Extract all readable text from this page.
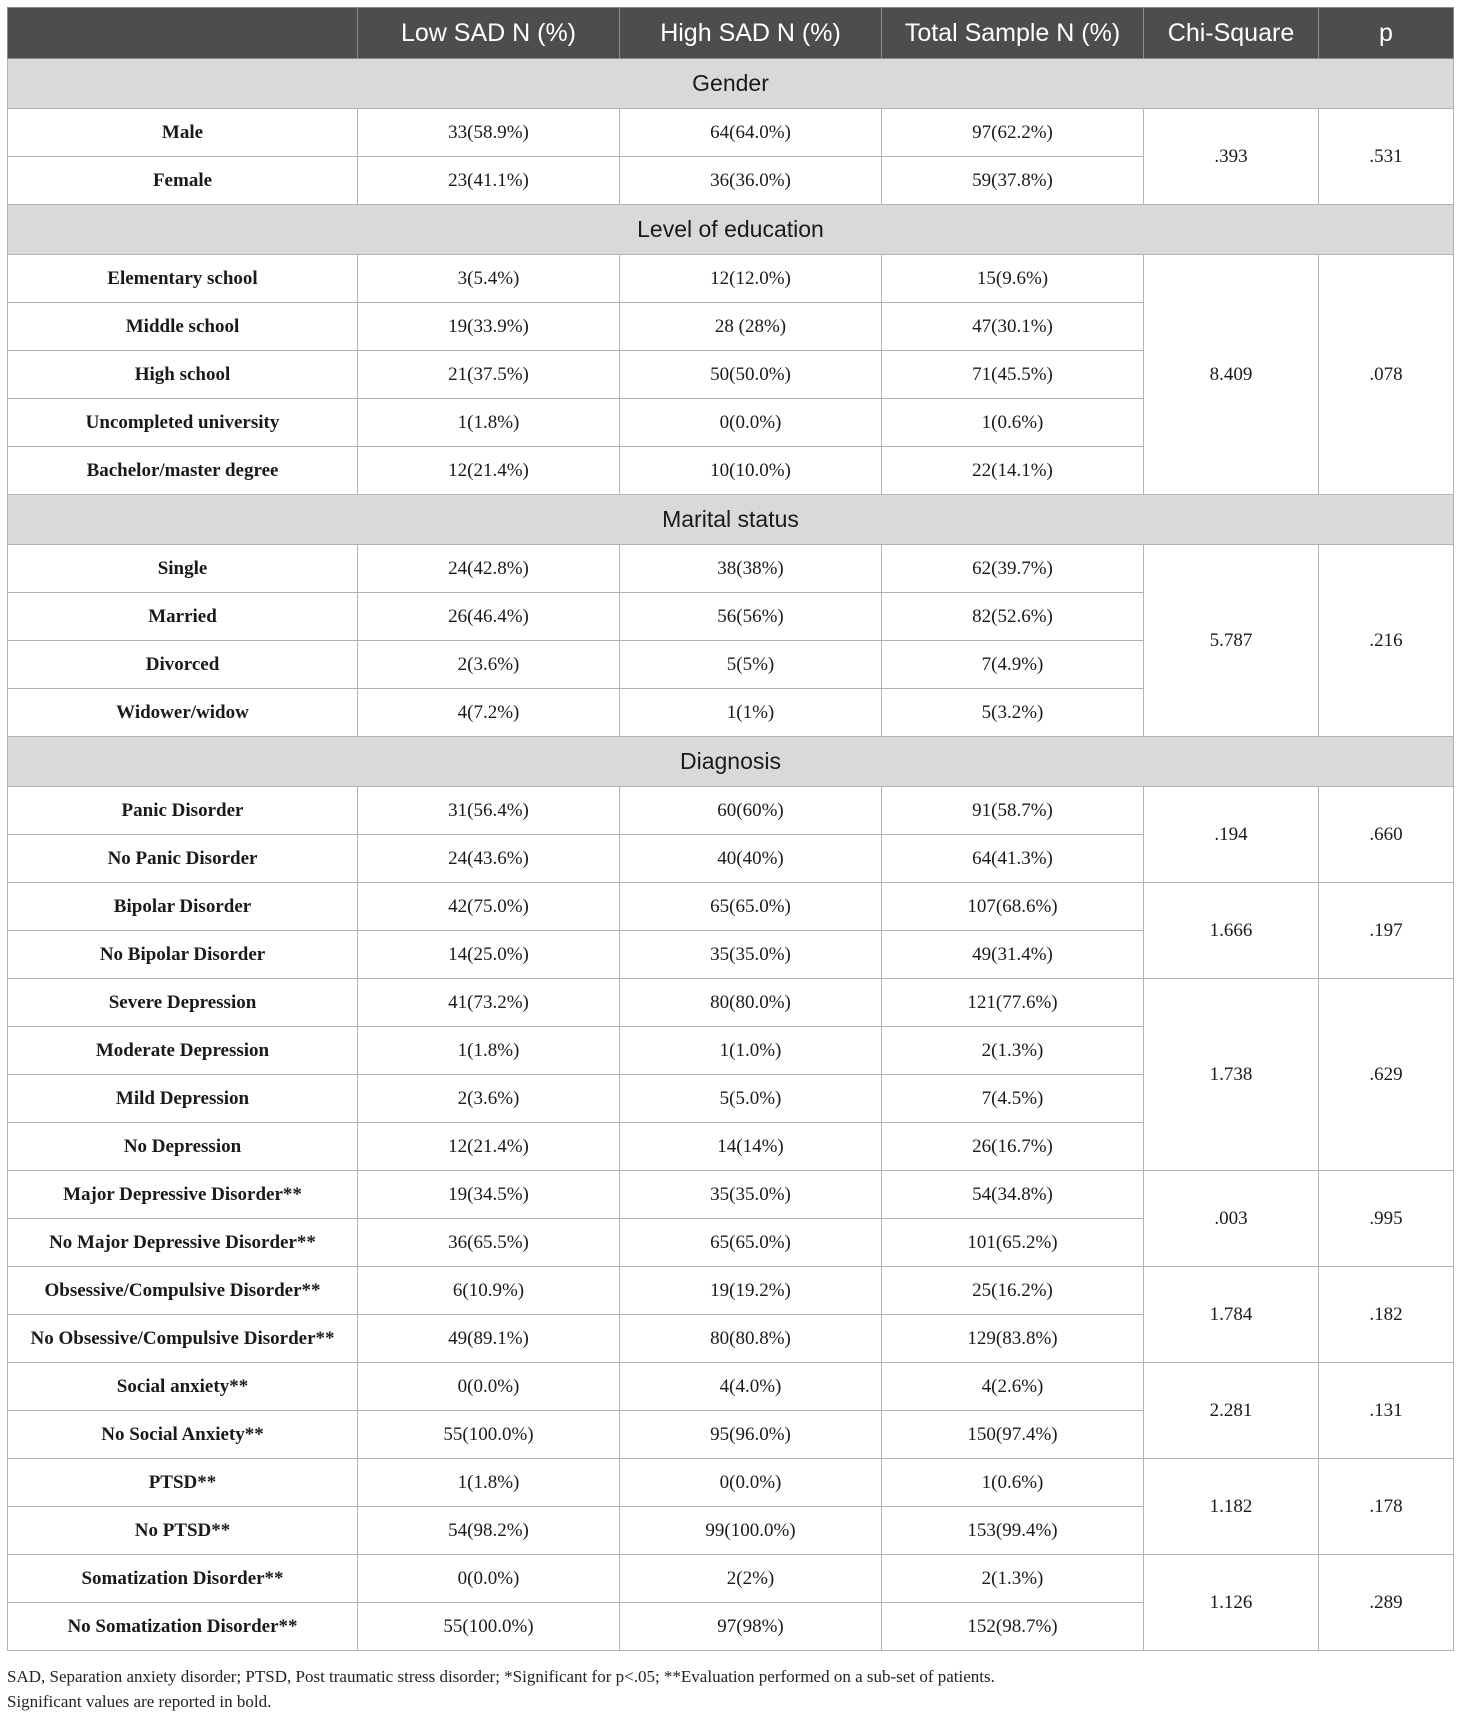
	Low SAD N (%)	High SAD N (%)	Total Sample N (%)	Chi-Square	p
Gender					
Male	33(58.9%)	64(64.0%)	97(62.2%)	.393	.531
Female	23(41.1%)	36(36.0%)	59(37.8%)		
Level of education					
Elementary school	3(5.4%)	12(12.0%)	15(9.6%)	8.409	.078
Middle school	19(33.9%)	28 (28%)	47(30.1%)		
High school	21(37.5%)	50(50.0%)	71(45.5%)		
Uncompleted university	1(1.8%)	0(0.0%)	1(0.6%)		
Bachelor/master degree	12(21.4%)	10(10.0%)	22(14.1%)		
Marital status					
Single	24(42.8%)	38(38%)	62(39.7%)	5.787	.216
Married	26(46.4%)	56(56%)	82(52.6%)		
Divorced	2(3.6%)	5(5%)	7(4.9%)		
Widower/widow	4(7.2%)	1(1%)	5(3.2%)		
Diagnosis					
Panic Disorder	31(56.4%)	60(60%)	91(58.7%)	.194	.660
No Panic Disorder	24(43.6%)	40(40%)	64(41.3%)		
Bipolar Disorder	42(75.0%)	65(65.0%)	107(68.6%)	1.666	.197
No Bipolar Disorder	14(25.0%)	35(35.0%)	49(31.4%)		
Severe Depression	41(73.2%)	80(80.0%)	121(77.6%)	1.738	.629
Moderate Depression	1(1.8%)	1(1.0%)	2(1.3%)		
Mild Depression	2(3.6%)	5(5.0%)	7(4.5%)		
No Depression	12(21.4%)	14(14%)	26(16.7%)		
Major Depressive Disorder**	19(34.5%)	35(35.0%)	54(34.8%)	.003	.995
No Major Depressive Disorder**	36(65.5%)	65(65.0%)	101(65.2%)		
Obsessive/Compulsive Disorder**	6(10.9%)	19(19.2%)	25(16.2%)	1.784	.182
No Obsessive/Compulsive Disorder**	49(89.1%)	80(80.8%)	129(83.8%)		
Social anxiety**	0(0.0%)	4(4.0%)	4(2.6%)	2.281	.131
No Social Anxiety**	55(100.0%)	95(96.0%)	150(97.4%)		
PTSD**	1(1.8%)	0(0.0%)	1(0.6%)	1.182	.178
No PTSD**	54(98.2%)	99(100.0%)	153(99.4%)		
Somatization Disorder**	0(0.0%)	2(2%)	2(1.3%)	1.126	.289
No Somatization Disorder**	55(100.0%)	97(98%)	152(98.7%)		
SAD, Separation anxiety disorder; PTSD, Post traumatic stress disorder; *Significant for p<.05; **Evaluation performed on a sub-set of patients.
Significant values are reported in bold.
